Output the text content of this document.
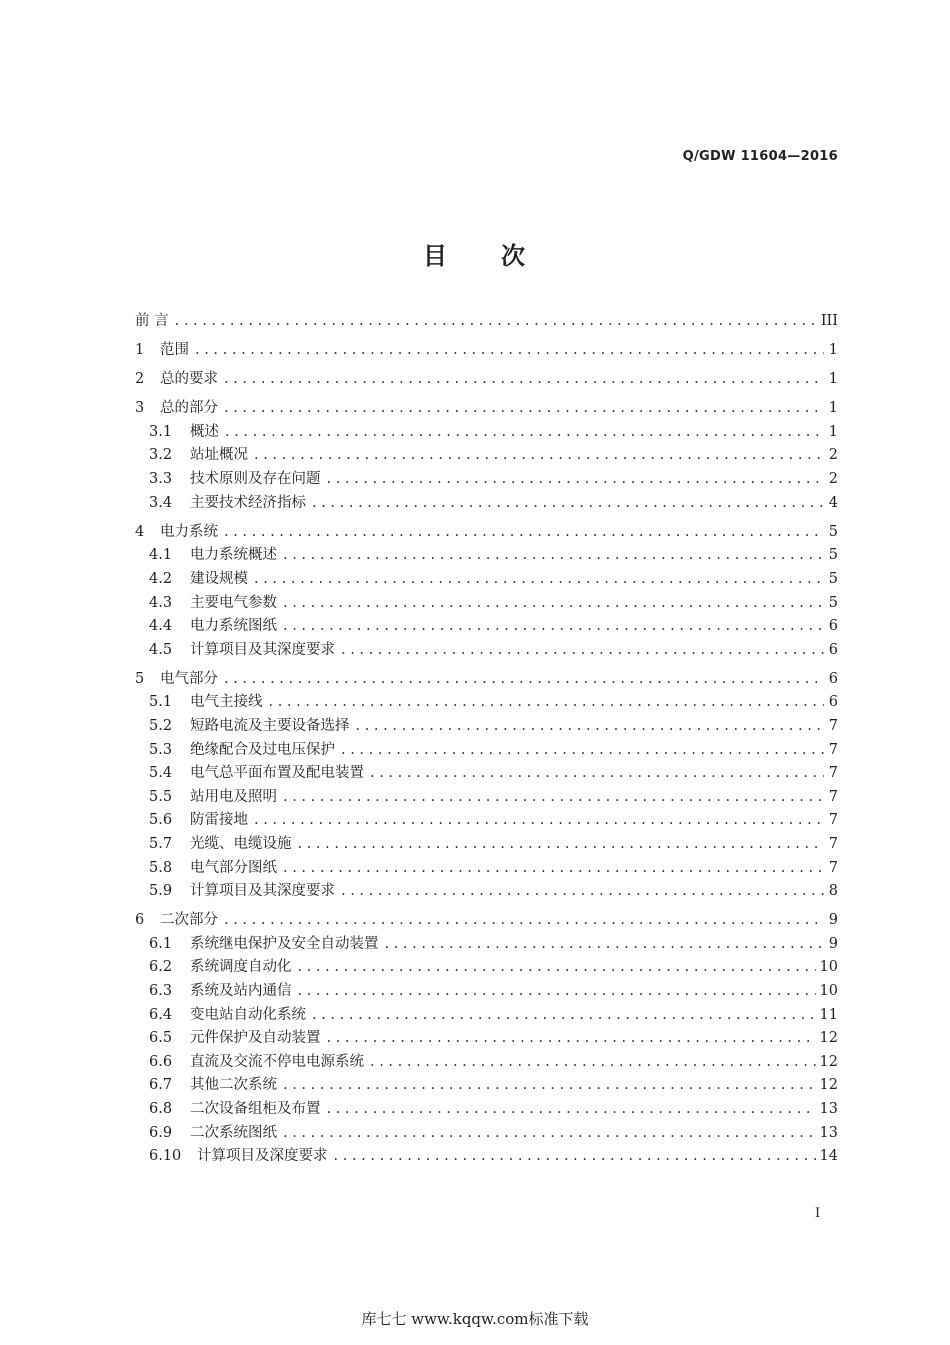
Q/GDW 11604—2016
目　　次
前 言 . . .	III
1	范围 . . .	1
2	总的要求 . . .	1
3	总的部分 . . .	1
3.1	概述 . . .	1
3.2	站址概况 . . .	2
3.3	技术原则及存在问题 . . .	2
3.4	主要技术经济指标 . . .	4
4	电力系统 . . .	5
4.1	电力系统概述 . . .	5
4.2	建设规模 . . .	5
4.3	主要电气参数 . . .	5
4.4	电力系统图纸 . . .	6
4.5	计算项目及其深度要求 . . .	6
5	电气部分 . . .	6
5.1	电气主接线 . . .	6
5.2	短路电流及主要设备选择 . . .	7
5.3	绝缘配合及过电压保护 . . .	7
5.4	电气总平面布置及配电装置 . . .	7
5.5	站用电及照明 . . .	7
5.6	防雷接地 . . .	7
5.7	光缆、电缆设施 . . .	7
5.8	电气部分图纸 . . .	7
5.9	计算项目及其深度要求 . . .	8
6	二次部分 . . .	9
6.1	系统继电保护及安全自动装置 . . .	9
6.2	系统调度自动化 . . .	10
6.3	系统及站内通信 . . .	10
6.4	变电站自动化系统 . . .	11
6.5	元件保护及自动装置 . . .	12
6.6	直流及交流不停电电源系统 . . .	12
6.7	其他二次系统 . . .	12
6.8	二次设备组柜及布置 . . .	13
6.9	二次系统图纸 . . .	13
6.10	计算项目及深度要求 . . .	14
I
库七七 www.kqqw.com标准下载
